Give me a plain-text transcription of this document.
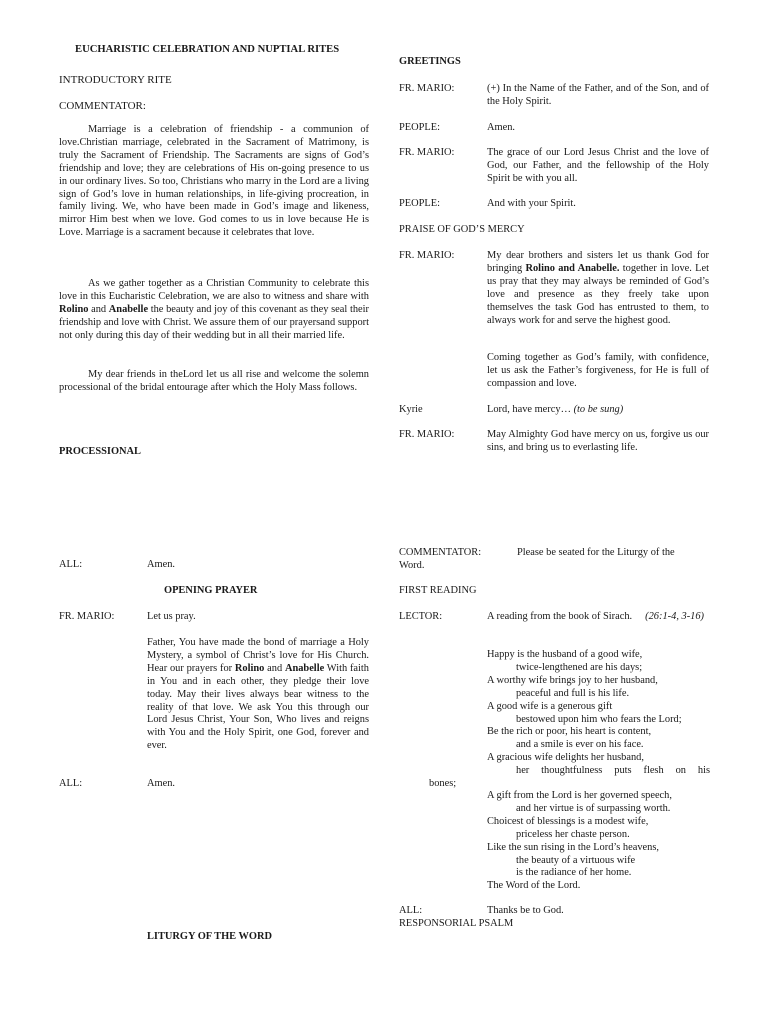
EUCHARISTIC CELEBRATION AND NUPTIAL RITES
INTRODUCTORY RITE
COMMENTATOR:
Marriage is a celebration of friendship - a communion of love.Christian marriage, celebrated in the Sacrament of Matrimony, is truly the Sacrament of Friendship. The Sacraments are signs of God’s friendship and love; they are celebrations of His on-going presence to us in our ordinary lives. So too, Christians who marry in the Lord are a living sign of God’s love in human relationships, in life-giving procreation, in family living. We, who have been made in God’s image and likeness, mirror Him best when we love. God comes to us in love because He is Love. Marriage is a sacrament because it celebrates that love.
As we gather together as a Christian Community to celebrate this love in this Eucharistic Celebration, we are also to witness and share with Rolino and Anabelle the beauty and joy of this covenant as they seal their friendship and love with Christ. We assure them of our prayersand support not only during this day of their wedding but in all their married life.
My dear friends in theLord let us all rise and welcome the solemn processional of the bridal entourage after which the Holy Mass follows.
PROCESSIONAL
ALL:	Amen.
OPENING PRAYER
FR. MARIO:	Let us pray.
Father, You have made the bond of marriage a Holy Mystery, a symbol of Christ’s love for His Church. Hear our prayers for Rolino and Anabelle With faith in You and in each other, they pledge their love today. May their lives always bear witness to the reality of that love. We ask You this through our Lord Jesus Christ, Your Son, Who lives and reigns with You and the Holy Spirit, one God, forever and ever.
ALL:	Amen.
LITURGY OF THE WORD
GREETINGS
FR. MARIO:	(+) In the Name of the Father, and of the Son, and of the Holy Spirit.
PEOPLE:	Amen.
FR. MARIO:	The grace of our Lord Jesus Christ and the love of God, our Father, and the fellowship of the Holy Spirit be with you all.
PEOPLE:	And with your Spirit.
PRAISE OF GOD’S MERCY
FR. MARIO:	My dear brothers and sisters let us thank God for bringing Rolino and Anabelle. together in love. Let us pray that they may always be reminded of God’s love and presence as they freely take upon themselves the task God has entrusted to them, to always work for and serve the highest good.
Coming together as God’s family, with confidence, let us ask the Father’s forgiveness, for He is full of compassion and love.
Kyrie	Lord, have mercy… (to be sung)
FR. MARIO:	May Almighty God have mercy on us, forgive us our sins, and bring us to everlasting life.
COMMENTATOR:	Please be seated for the Liturgy of the
Word.
FIRST READING
LECTOR:	A reading from the book of Sirach. (26:1-4, 3-16)
Happy is the husband of a good wife,
twice-lengthened are his days;
A worthy wife brings joy to her husband,
peaceful and full is his life.
A good wife is a generous gift
bestowed upon him who fears the Lord;
Be the rich or poor, his heart is content,
and a smile is ever on his face.
A gracious wife delights her husband,
her thoughtfulness puts flesh on his
bones;
A gift from the Lord is her governed speech,
and her virtue is of surpassing worth.
Choicest of blessings is a modest wife,
priceless her chaste person.
Like the sun rising in the Lord’s heavens,
the beauty of a virtuous wife
is the radiance of her home.
The Word of the Lord.
ALL:	Thanks be to God.
RESPONSORIAL PSALM
